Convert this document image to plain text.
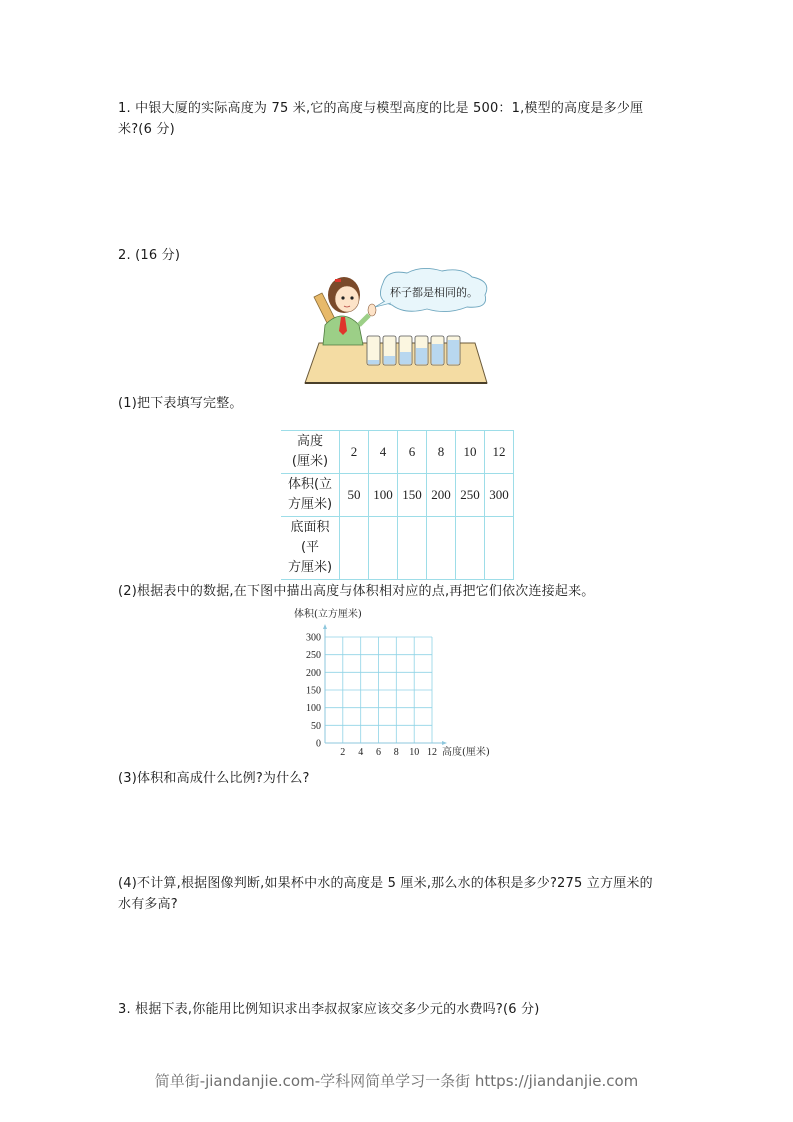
1. 中银大厦的实际高度为 75 米,它的高度与模型高度的比是 500：1,模型的高度是多少厘
米?(6 分)
2. (16 分)
杯子都是相同的。
(1)把下表填写完整。
高度
(厘米)	2	4	6	8	10	12

体积(立
方厘米)	50	100	150	200	250	300

底面积
(平
方厘米)						

(2)根据表中的数据,在下图中描出高度与体积相对应的点,再把它们依次连接起来。
体积(立方厘米)
300
250
200
150
100
50
0
2 4 6 8 10 12 高度(厘米)
(3)体积和高成什么比例?为什么?
(4)不计算,根据图像判断,如果杯中水的高度是 5 厘米,那么水的体积是多少?275 立方厘米的
水有多高?
3. 根据下表,你能用比例知识求出李叔叔家应该交多少元的水费吗?(6 分)
简单街-jiandanjie.com-学科网简单学习一条街 https://jiandanjie.com
